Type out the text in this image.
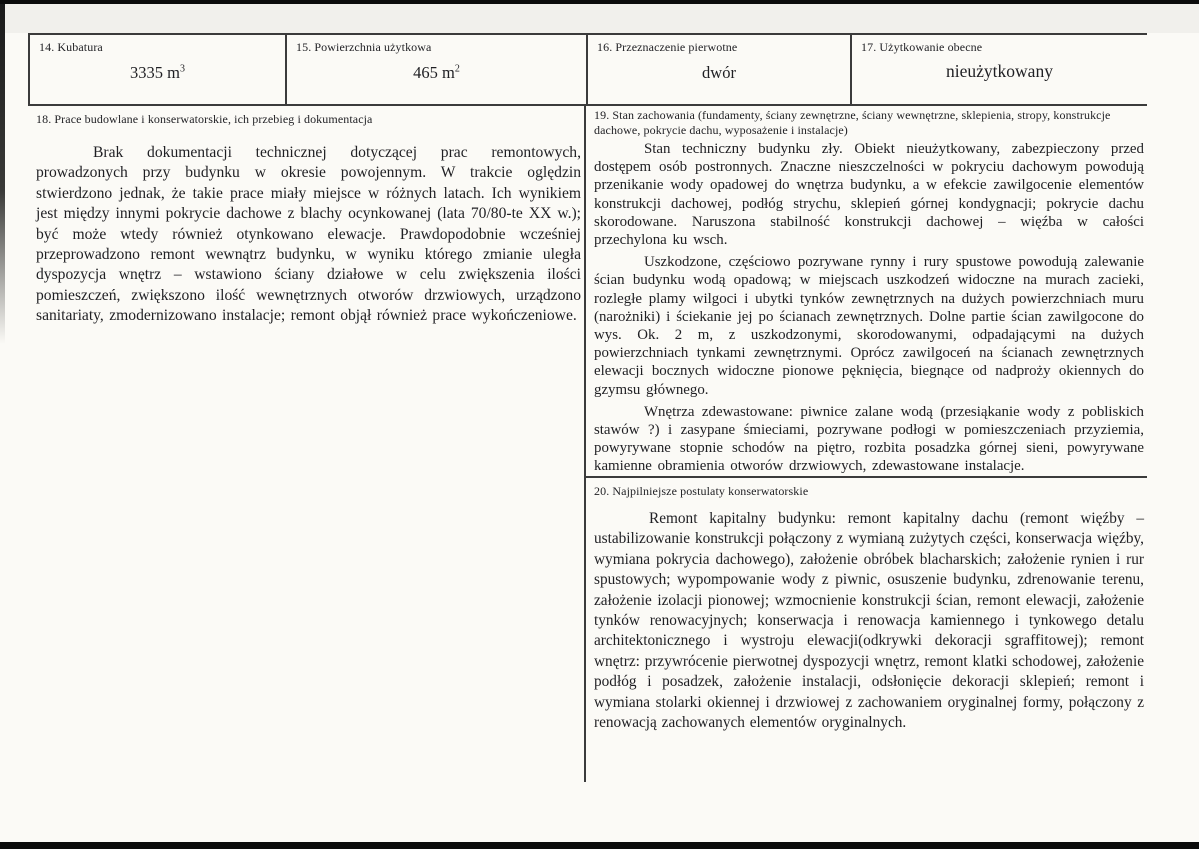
14. Kubatura
3335 $m^3$
15. Powierzchnia użytkowa
465 $m^2$
16. Przeznaczenie pierwotne
dwór
17. Użytkowanie obecne
nieużytkowany
18. Prace budowlane i konserwatorskie, ich przebieg i dokumentacja

Brak dokumentacji technicznej dotyczącej prac remontowych, prowadzonych przy budynku w okresie powojennym. W trakcie oględzin stwierdzono jednak, że takie prace miały miejsce w różnych latach. Ich wynikiem jest między innymi pokrycie dachowe z blachy ocynkowanej (lata 70/80-te XX w.); być może wtedy również otynkowano elewacje. Prawdopodobnie wcześniej przeprowadzono remont wewnątrz budynku, w wyniku którego zmianie uległa dyspozycja wnętrz – wstawiono ściany działowe w celu zwiększenia ilości pomieszczeń, zwiększono ilość wewnętrznych otworów drzwiowych, urządzono sanitariaty, zmodernizowano instalacje; remont objął również prace wykończeniowe.

19. Stan zachowania (fundamenty, ściany zewnętrzne, ściany wewnętrzne, sklepienia, stropy, konstrukcje dachowe, pokrycie dachu, wyposażenie i instalacje)

Stan techniczny budynku zły. Obiekt nieużytkowany, zabezpieczony przed dostępem osób postronnych. Znaczne nieszczelności w pokryciu dachowym powodują przenikanie wody opadowej do wnętrza budynku, a w efekcie zawilgocenie elementów konstrukcji dachowej, podłóg strychu, sklepień górnej kondygnacji; pokrycie dachu skorodowane. Naruszona stabilność konstrukcji dachowej – więźba w całości przechylona ku wsch.

Uszkodzone, częściowo pozrywane rynny i rury spustowe powodują zalewanie ścian budynku wodą opadową; w miejscach uszkodzeń widoczne na murach zacieki, rozległe plamy wilgoci i ubytki tynków zewnętrznych na dużych powierzchniach muru (narożniki) i ściekanie jej po ścianach zewnętrznych. Dolne partie ścian zawilgocone do wys. Ok. 2 m, z uszkodzonymi, skorodowanymi, odpadającymi na dużych powierzchniach tynkami zewnętrznymi. Oprócz zawilgoceń na ścianach zewnętrznych elewacji bocznych widoczne pionowe pęknięcia, biegnące od nadproży okiennych do gzymsu głównego.

Wnętrza zdewastowane: piwnice zalane wodą (przesiąkanie wody z pobliskich stawów ?) i zasypane śmieciami, pozrywane podłogi w pomieszczeniach przyziemia, powyrywane stopnie schodów na piętro, rozbita posadzka górnej sieni, powyrywane kamienne obramienia otworów drzwiowych, zdewastowane instalacje.

20. Najpilniejsze postulaty konserwatorskie

Remont kapitalny budynku: remont kapitalny dachu (remont więźby – ustabilizowanie konstrukcji połączony z wymianą zużytych części, konserwacja więźby, wymiana pokrycia dachowego), założenie obróbek blacharskich; założenie rynien i rur spustowych; wypompowanie wody z piwnic, osuszenie budynku, zdrenowanie terenu, założenie izolacji pionowej; wzmocnienie konstrukcji ścian, remont elewacji, założenie tynków renowacyjnych; konserwacja i renowacja kamiennego i tynkowego detalu architektonicznego i wystroju elewacji(odkrywki dekoracji sgraffitowej); remont wnętrz: przywrócenie pierwotnej dyspozycji wnętrz, remont klatki schodowej, założenie podłóg i posadzek, założenie instalacji, odsłonięcie dekoracji sklepień; remont i wymiana stolarki okiennej i drzwiowej z zachowaniem oryginalnej formy, połączony z renowacją zachowanych elementów oryginalnych.
